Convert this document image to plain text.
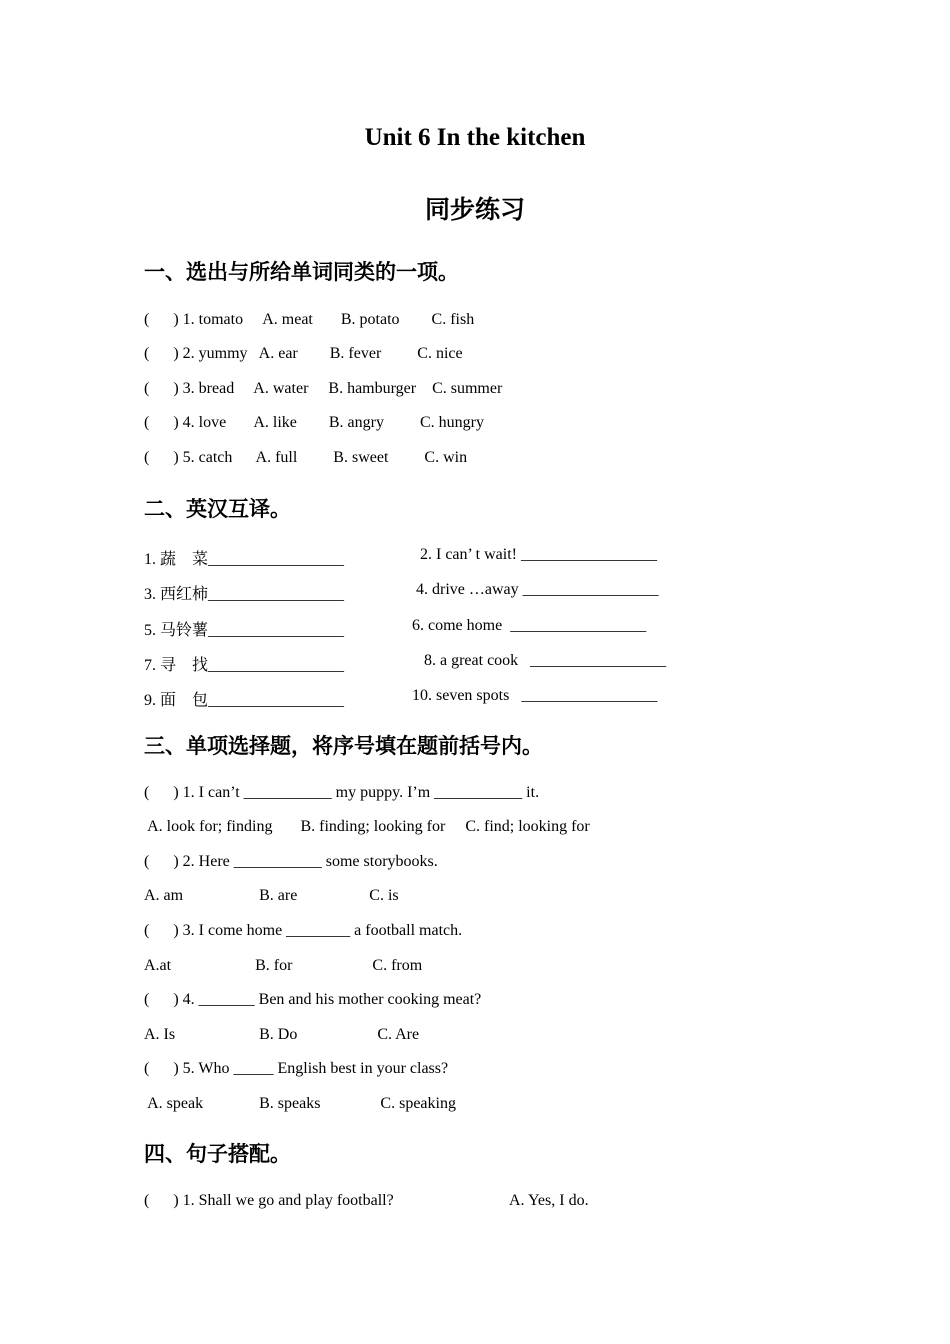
Unit 6 In the kitchen
同步练习
一、选出与所给单词同类的一项。
(      ) 1. tomato     A. meat       B. potato        C. fish
(      ) 2. yummy   A. ear        B. fever         C. nice
(      ) 3. bread     A. water     B. hamburger    C. summer
(      ) 4. love       A. like        B. angry         C. hungry
(      ) 5. catch      A. full         B. sweet         C. win
二、英汉互译。
1. 蔬    菜_________________	2. I can’ t wait! _________________
3. 西红柿_________________	4. drive …away _________________
5. 马铃薯_________________	6. come home  _________________
7. 寻    找_________________	8. a great cook   _________________
9. 面    包_________________	10. seven spots   _________________
三、单项选择题，将序号填在题前括号内。
(      ) 1. I can’t ___________ my puppy. I’m ___________ it.
A. look for; finding       B. finding; looking for     C. find; looking for
(      ) 2. Here ___________ some storybooks.
A. am                   B. are                  C. is
(      ) 3. I come home ________ a football match.
A.at                     B. for                    C. from
(      ) 4. _______ Ben and his mother cooking meat?
A. Is                     B. Do                    C. Are
(      ) 5. Who _____ English best in your class?
A. speak              B. speaks               C. speaking
四、句子搭配。
(      ) 1. Shall we go and play football?	A. Yes, I do.
